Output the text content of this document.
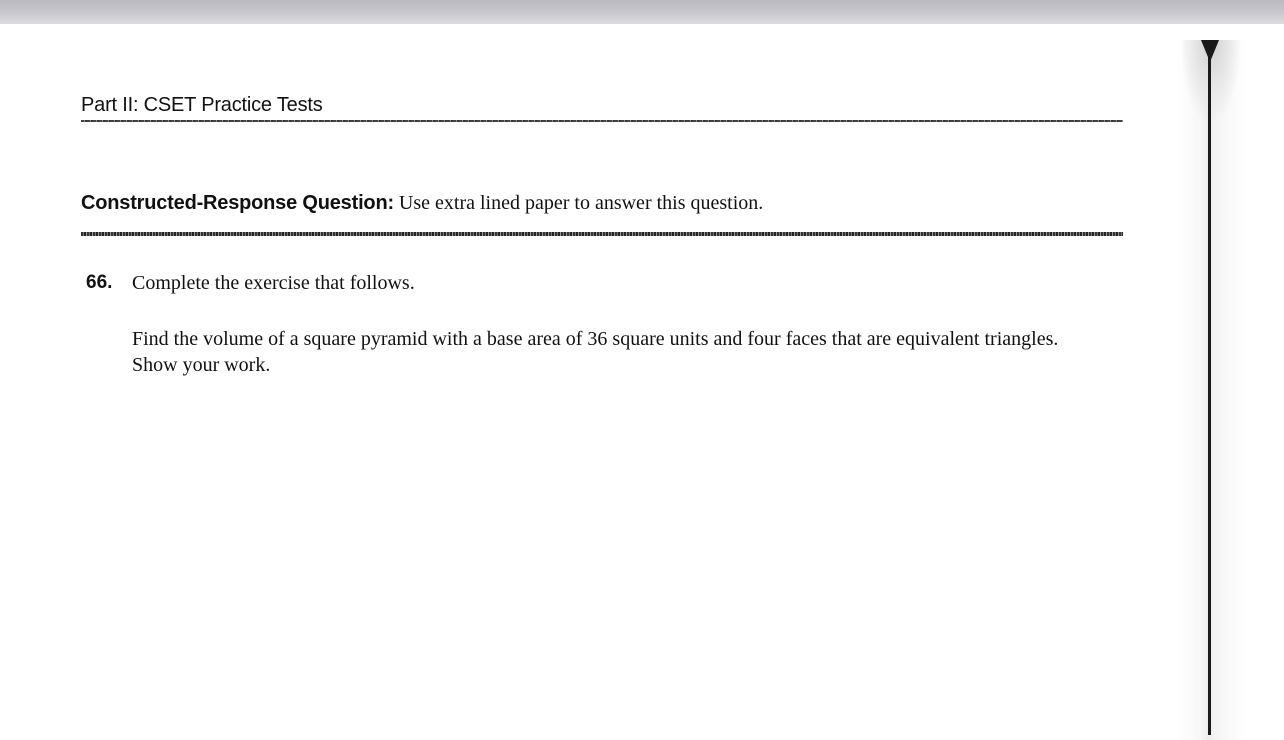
Part II: CSET Practice Tests
Constructed-Response Question: Use extra lined paper to answer this question.
66. Complete the exercise that follows.
Find the volume of a square pyramid with a base area of 36 square units and four faces that are equivalent triangles. Show your work.
